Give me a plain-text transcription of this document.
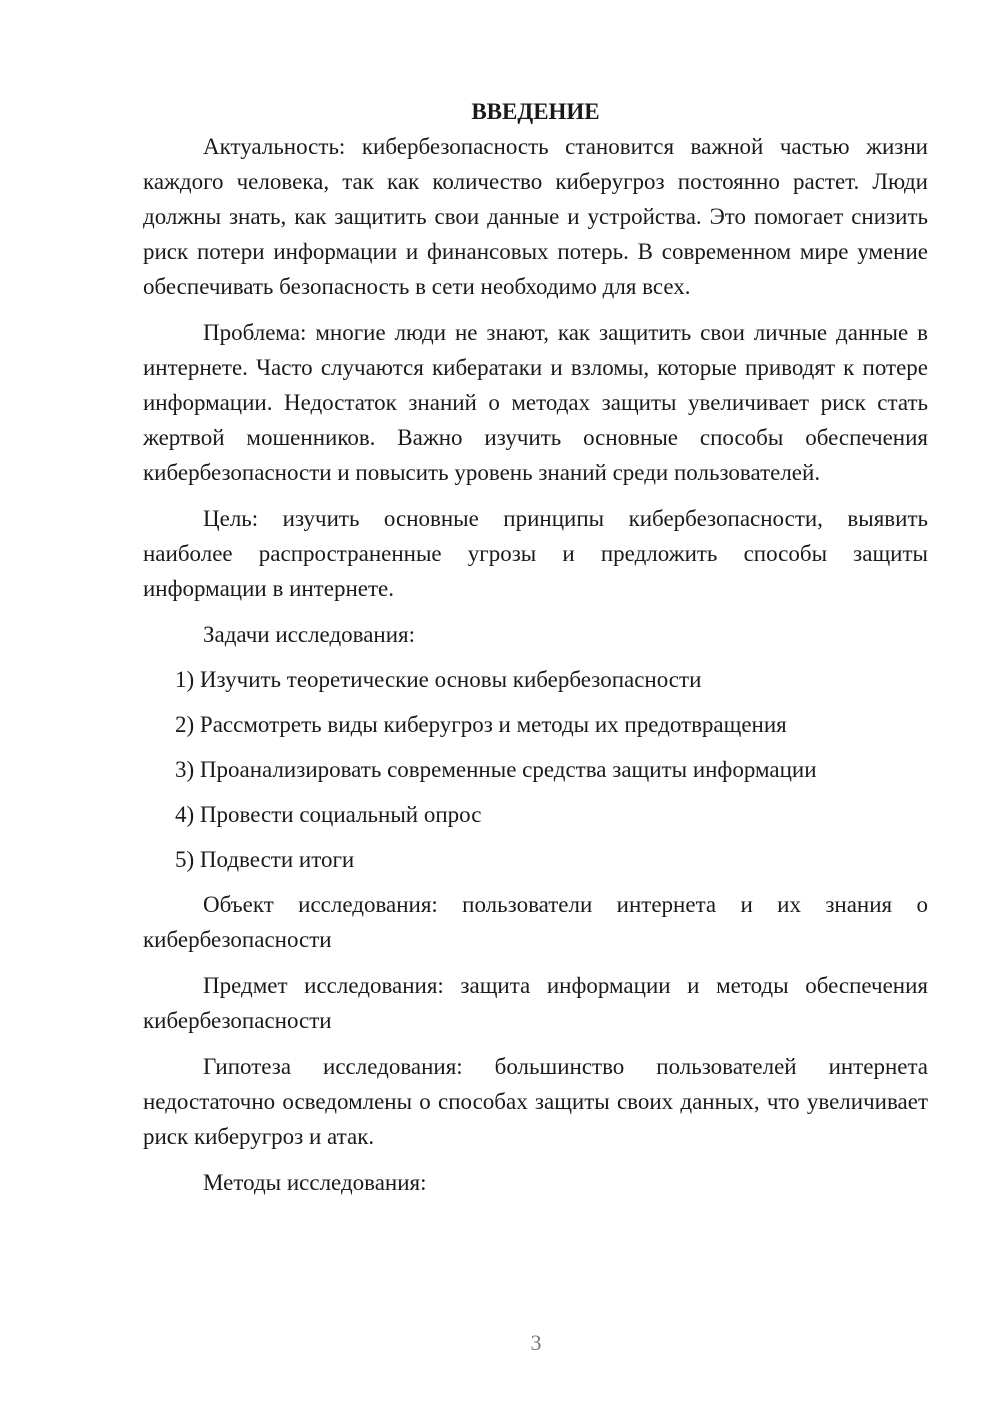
ВВЕДЕНИЕ

Актуальность: кибербезопасность становится важной частью жизни каждого человека, так как количество киберугроз постоянно растет. Люди должны знать, как защитить свои данные и устройства. Это помогает снизить риск потери информации и финансовых потерь. В современном мире умение обеспечивать безопасность в сети необходимо для всех.

Проблема: многие люди не знают, как защитить свои личные данные в интернете. Часто случаются кибератаки и взломы, которые приводят к потере информации. Недостаток знаний о методах защиты увеличивает риск стать жертвой мошенников. Важно изучить основные способы обеспечения кибербезопасности и повысить уровень знаний среди пользователей.

Цель: изучить основные принципы кибербезопасности, выявить наиболее распространенные угрозы и предложить способы защиты информации в интернете.

Задачи исследования:
1) Изучить теоретические основы кибербезопасности
2) Рассмотреть виды киберугроз и методы их предотвращения
3) Проанализировать современные средства защиты информации
4) Провести социальный опрос
5) Подвести итоги

Объект исследования: пользователи интернета и их знания о кибербезопасности

Предмет исследования: защита информации и методы обеспечения кибербезопасности

Гипотеза исследования: большинство пользователей интернета недостаточно осведомлены о способах защиты своих данных, что увеличивает риск киберугроз и атак.

Методы исследования:
3
